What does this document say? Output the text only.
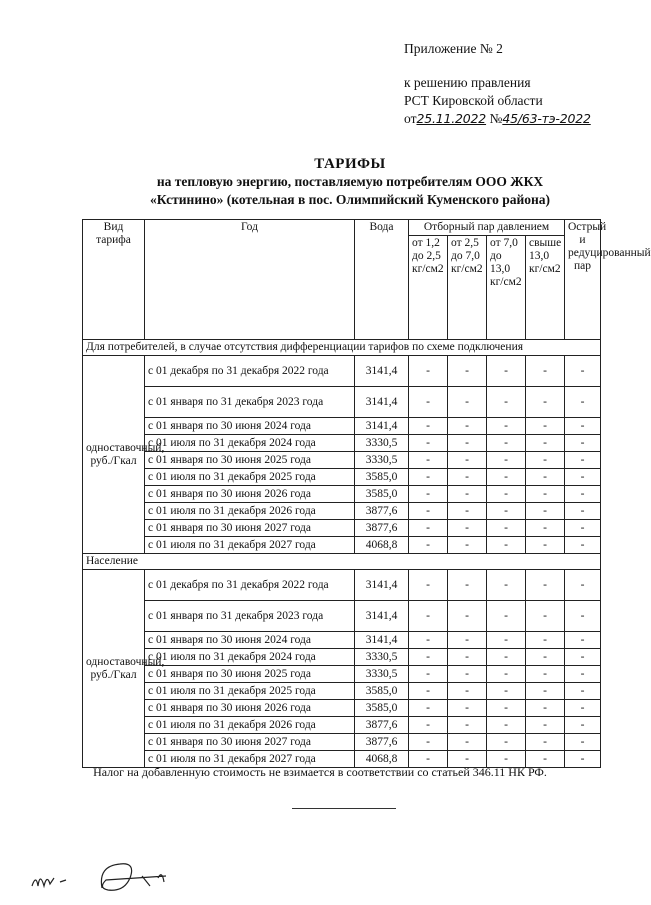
Приложение № 2
к решению правления
РСТ Кировской области
от25.11.2022 №45/63-тэ-2022
ТАРИФЫ
на тепловую энергию, поставляемую потребителям ООО ЖКХ
«Кстинино» (котельная в пос. Олимпийский Куменского района)
Вид тарифа	Год	Вода	Отборный пар давлением				Острый и редуцированный пар
			от 1,2 до 2,5 кг/см2	от 2,5 до 7,0 кг/см2	от 7,0 до 13,0 кг/см2	свыше 13,0 кг/см2	
Для потребителей, в случае отсутствия дифференциации тарифов по схеме подключения							
одноставочный, руб./Гкал	с 01 декабря по 31 декабря 2022 года	3141,4	-	-	-	-	-
	с 01 января по 31 декабря 2023 года	3141,4	-	-	-	-	-
	с 01 января по 30 июня 2024 года	3141,4	-	-	-	-	-
	с 01 июля по 31 декабря 2024 года	3330,5	-	-	-	-	-
	с 01 января по 30 июня 2025 года	3330,5	-	-	-	-	-
	с 01 июля по 31 декабря 2025 года	3585,0	-	-	-	-	-
	с 01 января по 30 июня 2026 года	3585,0	-	-	-	-	-
	с 01 июля по 31 декабря 2026 года	3877,6	-	-	-	-	-
	с 01 января по 30 июня 2027 года	3877,6	-	-	-	-	-
	с 01 июля по 31 декабря 2027 года	4068,8	-	-	-	-	-
Население							
одноставочный, руб./Гкал	с 01 декабря по 31 декабря 2022 года	3141,4	-	-	-	-	-
	с 01 января по 31 декабря 2023 года	3141,4	-	-	-	-	-
	с 01 января по 30 июня 2024 года	3141,4	-	-	-	-	-
	с 01 июля по 31 декабря 2024 года	3330,5	-	-	-	-	-
	с 01 января по 30 июня 2025 года	3330,5	-	-	-	-	-
	с 01 июля по 31 декабря 2025 года	3585,0	-	-	-	-	-
	с 01 января по 30 июня 2026 года	3585,0	-	-	-	-	-
	с 01 июля по 31 декабря 2026 года	3877,6	-	-	-	-	-
	с 01 января по 30 июня 2027 года	3877,6	-	-	-	-	-
	с 01 июля по 31 декабря 2027 года	4068,8	-	-	-	-	-
Налог на добавленную стоимость не взимается в соответствии со статьей 346.11 НК РФ.
